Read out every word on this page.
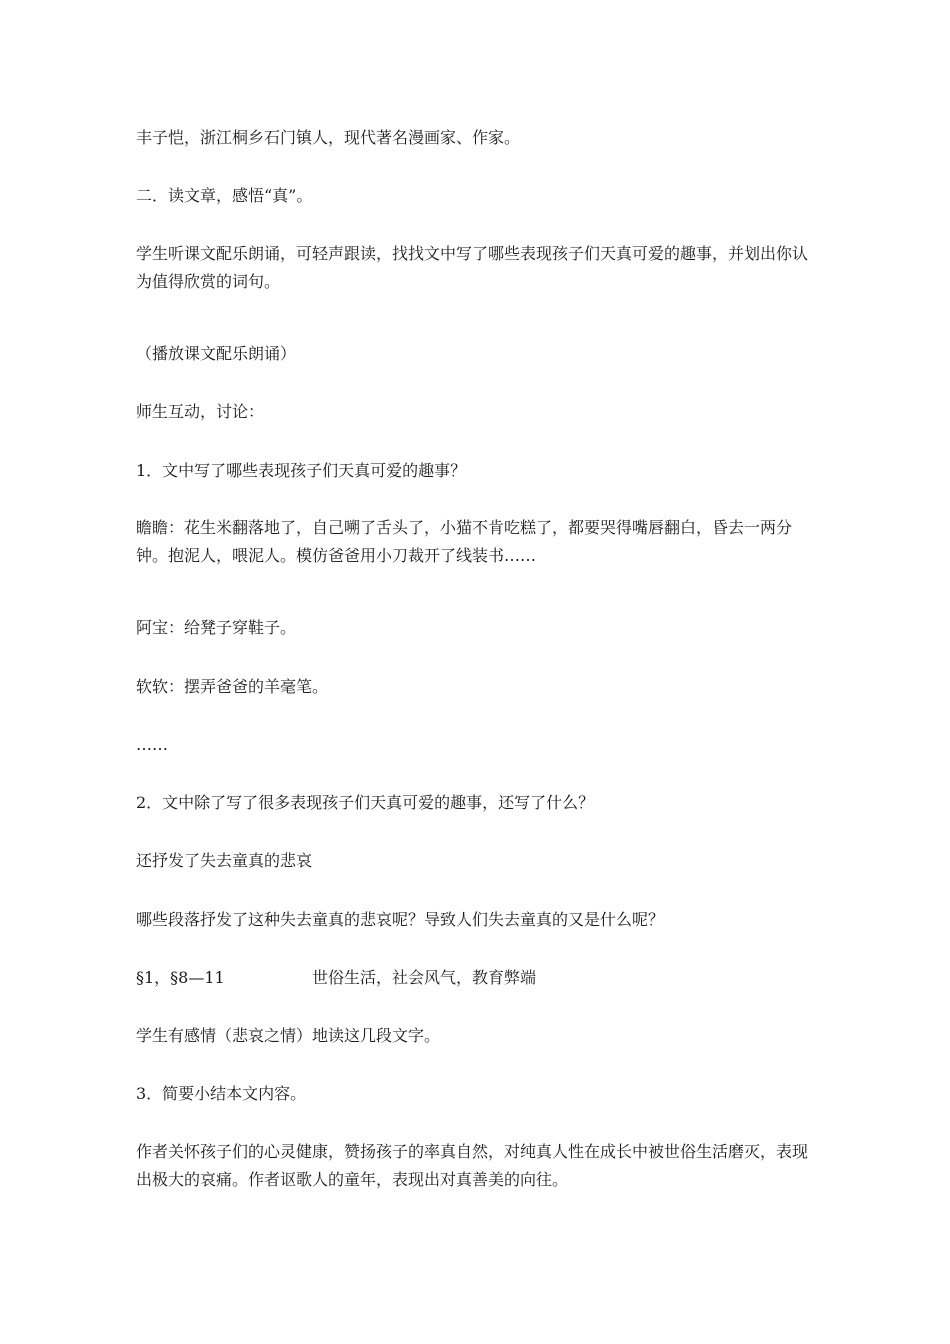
丰子恺，浙江桐乡石门镇人，现代著名漫画家、作家。

二．读文章，感悟“真”。

学生听课文配乐朗诵，可轻声跟读，找找文中写了哪些表现孩子们天真可爱的趣事，并划出你认为值得欣赏的词句。

（播放课文配乐朗诵）

师生互动，讨论：

1．文中写了哪些表现孩子们天真可爱的趣事？

瞻瞻：花生米翻落地了，自己嗍了舌头了，小猫不肯吃糕了，都要哭得嘴唇翻白，昏去一两分钟。抱泥人，喂泥人。模仿爸爸用小刀裁开了线装书……

阿宝：给凳子穿鞋子。

软软：摆弄爸爸的羊毫笔。

……

2．文中除了写了很多表现孩子们天真可爱的趣事，还写了什么？

还抒发了失去童真的悲哀

哪些段落抒发了这种失去童真的悲哀呢？导致人们失去童真的又是什么呢？

§1，§8—11	世俗生活，社会风气，教育弊端

学生有感情（悲哀之情）地读这几段文字。

3．简要小结本文内容。

作者关怀孩子们的心灵健康，赞扬孩子的率真自然，对纯真人性在成长中被世俗生活磨灭，表现出极大的哀痛。作者讴歌人的童年，表现出对真善美的向往。
